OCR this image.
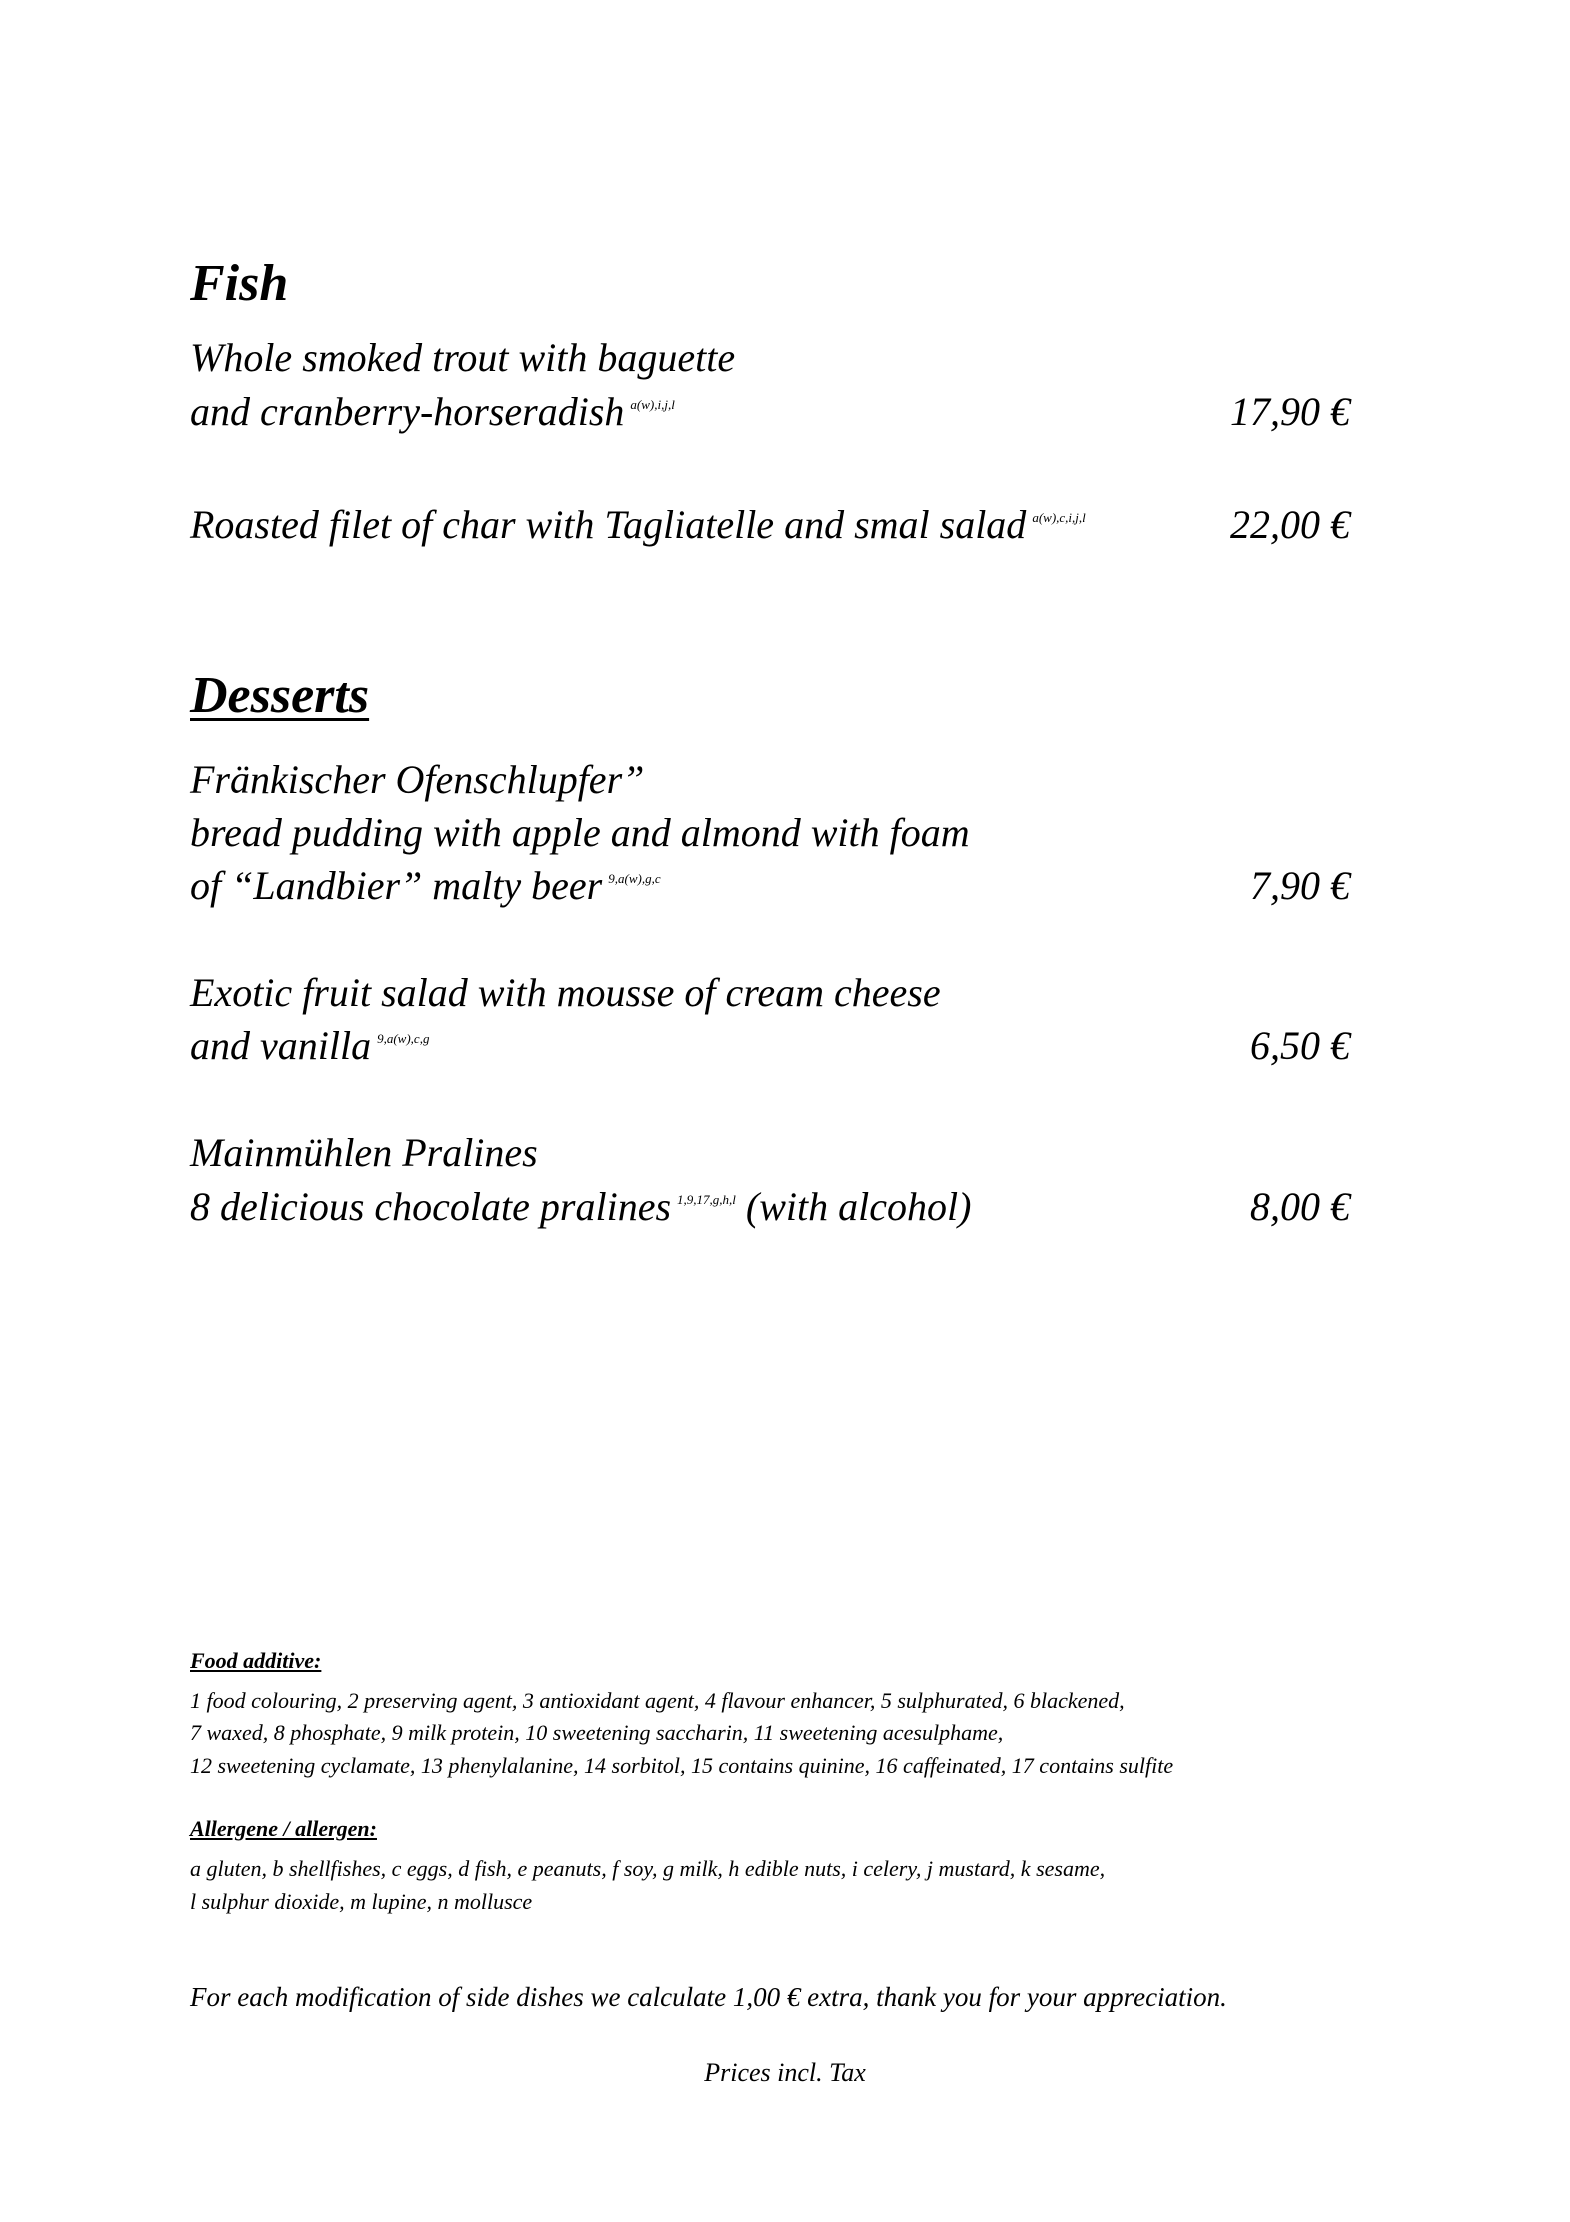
Fish
Whole smoked trout with baguette
and cranberry-horseradish $^{a(w),i,j,l}$	17,90 €
Roasted filet of char with Tagliatelle and smal salad $^{a(w),c,i,j,l}$	22,00 €
Desserts
Fränkischer Ofenschlupfer”
bread pudding with apple and almond with foam
of “Landbier” malty beer $^{9,a(w),g,c}$	7,90 €
Exotic fruit salad with mousse of cream cheese
and vanilla $^{9,a(w),c,g}$	6,50 €
Mainmühlen Pralines
8 delicious chocolate pralines $^{1,9,17,g,h,l}$ (with alcohol)	8,00 €
Food additive:
1 food colouring, 2 preserving agent, 3 antioxidant agent, 4 flavour enhancer, 5 sulphurated, 6 blackened,
7 waxed, 8 phosphate, 9 milk protein, 10 sweetening saccharin, 11 sweetening acesulphame,
12 sweetening cyclamate, 13 phenylalanine, 14 sorbitol, 15 contains quinine, 16 caffeinated, 17 contains sulfite
Allergene / allergen:
a gluten, b shellfishes, c eggs, d fish, e peanuts, f soy, g milk, h edible nuts, i celery, j mustard, k sesame,
l sulphur dioxide, m lupine, n mollusce
For each modification of side dishes we calculate 1,00 € extra, thank you for your appreciation.
Prices incl. Tax
